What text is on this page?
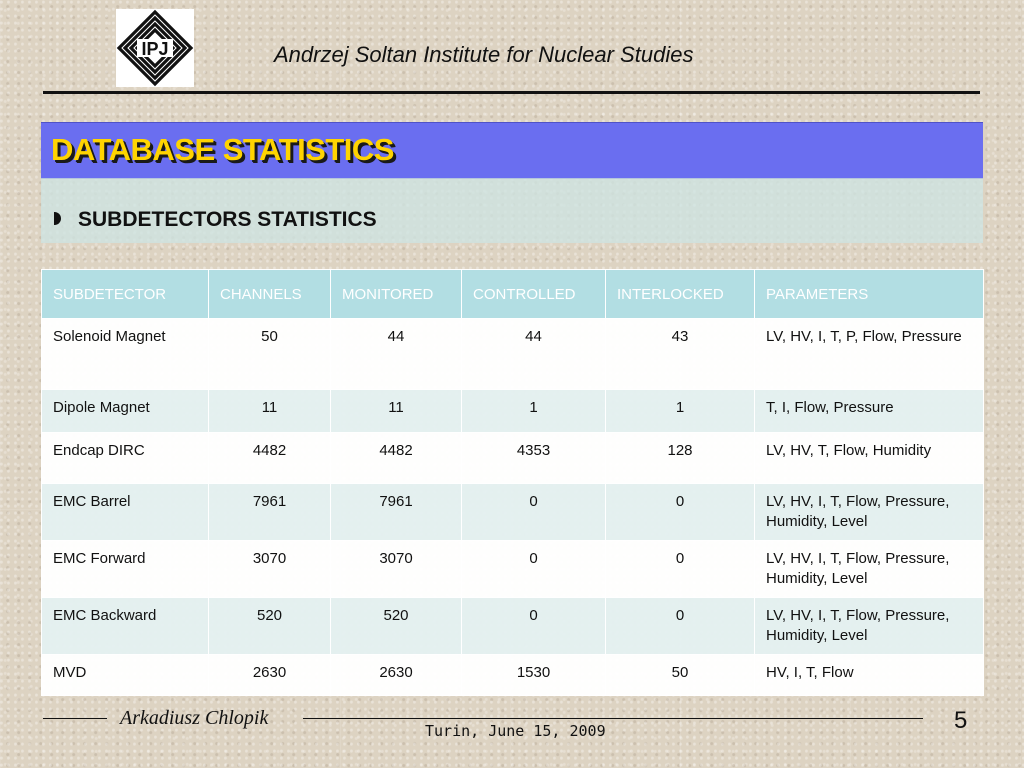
IPJ	Andrzej Soltan Institute for Nuclear Studies
DATABASE STATISTICS
SUBDETECTORS STATISTICS
SUBDETECTOR	CHANNELS	MONITORED	CONTROLLED	INTERLOCKED	PARAMETERS
Solenoid Magnet	50	44	44	43	LV, HV, I, T, P, Flow, Pressure
Dipole Magnet	11	11	1	1	T, I, Flow, Pressure
Endcap DIRC	4482	4482	4353	128	LV, HV, T, Flow, Humidity
EMC Barrel	7961	7961	0	0	LV, HV, I, T, Flow, Pressure, Humidity, Level
EMC Forward	3070	3070	0	0	LV, HV, I, T, Flow, Pressure, Humidity, Level
EMC Backward	520	520	0	0	LV, HV, I, T, Flow, Pressure, Humidity, Level
MVD	2630	2630	1530	50	HV, I, T, Flow
Arkadiusz Chlopik
Turin, June 15, 2009	5
